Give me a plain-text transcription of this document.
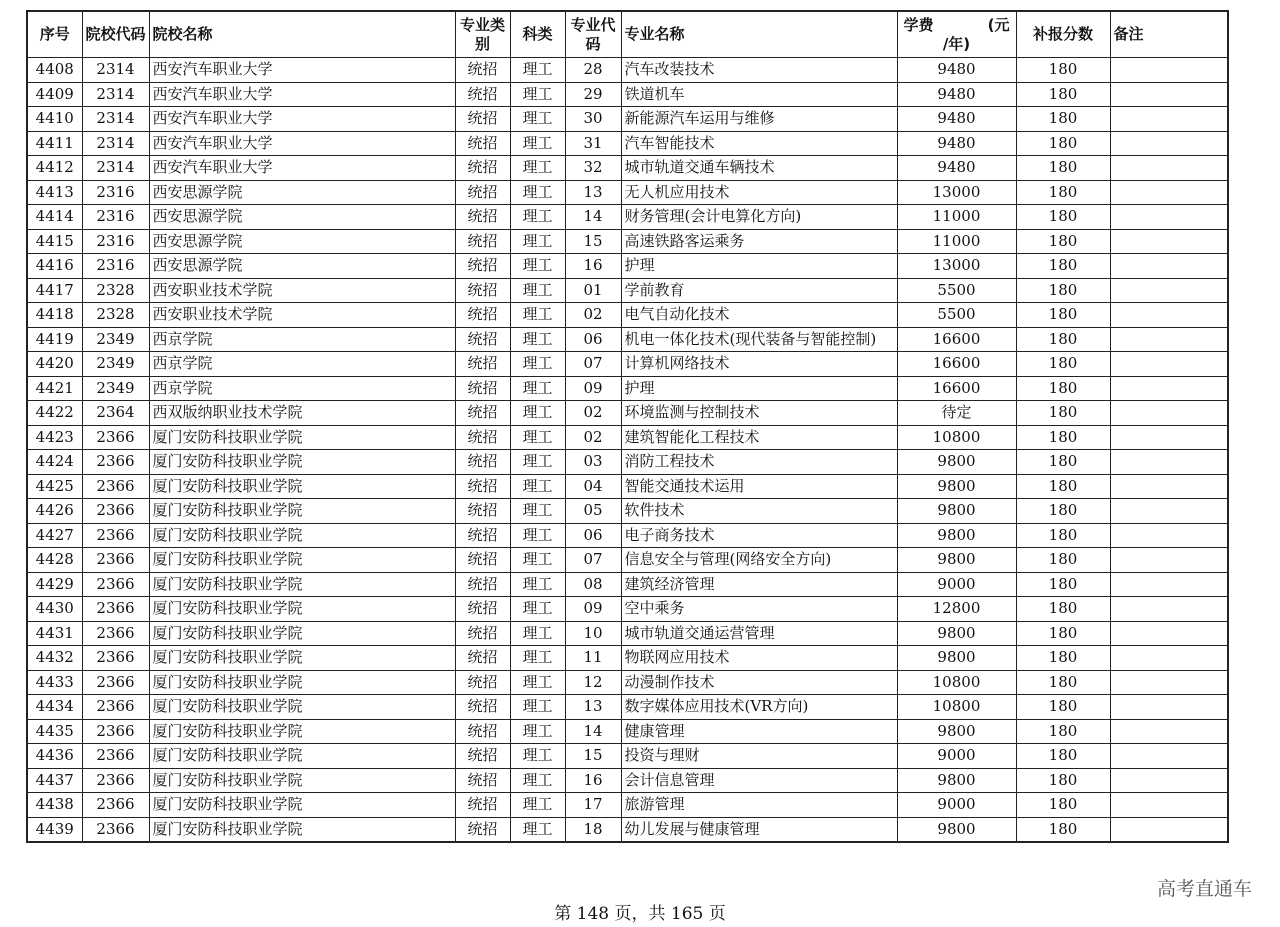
序号	院校代码	院校名称	专业类别	科类	专业代码	专业名称	学费 (元
/年)	补报分数	备注
4408	2314	西安汽车职业大学	统招	理工	28	汽车改装技术	9480	180	
4409	2314	西安汽车职业大学	统招	理工	29	铁道机车	9480	180	
4410	2314	西安汽车职业大学	统招	理工	30	新能源汽车运用与维修	9480	180	
4411	2314	西安汽车职业大学	统招	理工	31	汽车智能技术	9480	180	
4412	2314	西安汽车职业大学	统招	理工	32	城市轨道交通车辆技术	9480	180	
4413	2316	西安思源学院	统招	理工	13	无人机应用技术	13000	180	
4414	2316	西安思源学院	统招	理工	14	财务管理(会计电算化方向)	11000	180	
4415	2316	西安思源学院	统招	理工	15	高速铁路客运乘务	11000	180	
4416	2316	西安思源学院	统招	理工	16	护理	13000	180	
4417	2328	西安职业技术学院	统招	理工	01	学前教育	5500	180	
4418	2328	西安职业技术学院	统招	理工	02	电气自动化技术	5500	180	
4419	2349	西京学院	统招	理工	06	机电一体化技术(现代装备与智能控制)	16600	180	
4420	2349	西京学院	统招	理工	07	计算机网络技术	16600	180	
4421	2349	西京学院	统招	理工	09	护理	16600	180	
4422	2364	西双版纳职业技术学院	统招	理工	02	环境监测与控制技术	待定	180	
4423	2366	厦门安防科技职业学院	统招	理工	02	建筑智能化工程技术	10800	180	
4424	2366	厦门安防科技职业学院	统招	理工	03	消防工程技术	9800	180	
4425	2366	厦门安防科技职业学院	统招	理工	04	智能交通技术运用	9800	180	
4426	2366	厦门安防科技职业学院	统招	理工	05	软件技术	9800	180	
4427	2366	厦门安防科技职业学院	统招	理工	06	电子商务技术	9800	180	
4428	2366	厦门安防科技职业学院	统招	理工	07	信息安全与管理(网络安全方向)	9800	180	
4429	2366	厦门安防科技职业学院	统招	理工	08	建筑经济管理	9000	180	
4430	2366	厦门安防科技职业学院	统招	理工	09	空中乘务	12800	180	
4431	2366	厦门安防科技职业学院	统招	理工	10	城市轨道交通运营管理	9800	180	
4432	2366	厦门安防科技职业学院	统招	理工	11	物联网应用技术	9800	180	
4433	2366	厦门安防科技职业学院	统招	理工	12	动漫制作技术	10800	180	
4434	2366	厦门安防科技职业学院	统招	理工	13	数字媒体应用技术(VR方向)	10800	180	
4435	2366	厦门安防科技职业学院	统招	理工	14	健康管理	9800	180	
4436	2366	厦门安防科技职业学院	统招	理工	15	投资与理财	9000	180	
4437	2366	厦门安防科技职业学院	统招	理工	16	会计信息管理	9800	180	
4438	2366	厦门安防科技职业学院	统招	理工	17	旅游管理	9000	180	
4439	2366	厦门安防科技职业学院	统招	理工	18	幼儿发展与健康管理	9800	180	
第 148 页，共 165 页
高考直通车
